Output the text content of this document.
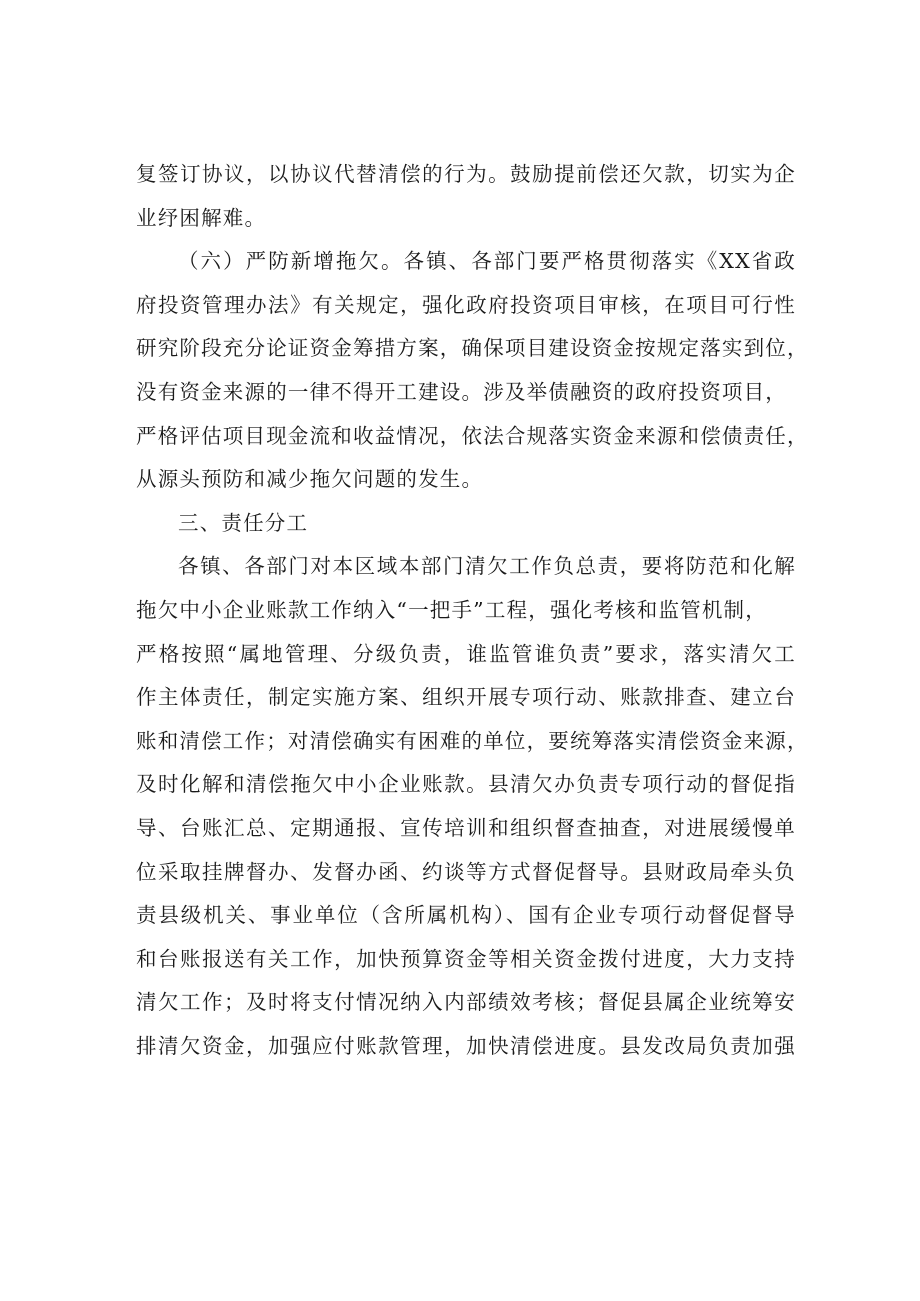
复签订协议，以协议代替清偿的行为。鼓励提前偿还欠款，切实为企
业纾困解难。
（六）严防新增拖欠。各镇、各部门要严格贯彻落实《XX省政
府投资管理办法》有关规定，强化政府投资项目审核，在项目可行性
研究阶段充分论证资金筹措方案，确保项目建设资金按规定落实到位，
没有资金来源的一律不得开工建设。涉及举债融资的政府投资项目，
严格评估项目现金流和收益情况，依法合规落实资金来源和偿债责任，
从源头预防和减少拖欠问题的发生。
三、责任分工
各镇、各部门对本区域本部门清欠工作负总责，要将防范和化解
拖欠中小企业账款工作纳入“一把手”工程，强化考核和监管机制，
严格按照“属地管理、分级负责，谁监管谁负责”要求，落实清欠工
作主体责任，制定实施方案、组织开展专项行动、账款排查、建立台
账和清偿工作；对清偿确实有困难的单位，要统筹落实清偿资金来源，
及时化解和清偿拖欠中小企业账款。县清欠办负责专项行动的督促指
导、台账汇总、定期通报、宣传培训和组织督查抽查，对进展缓慢单
位采取挂牌督办、发督办函、约谈等方式督促督导。县财政局牵头负
责县级机关、事业单位（含所属机构）、国有企业专项行动督促督导
和台账报送有关工作，加快预算资金等相关资金拨付进度，大力支持
清欠工作；及时将支付情况纳入内部绩效考核；督促县属企业统筹安
排清欠资金，加强应付账款管理，加快清偿进度。县发改局负责加强
